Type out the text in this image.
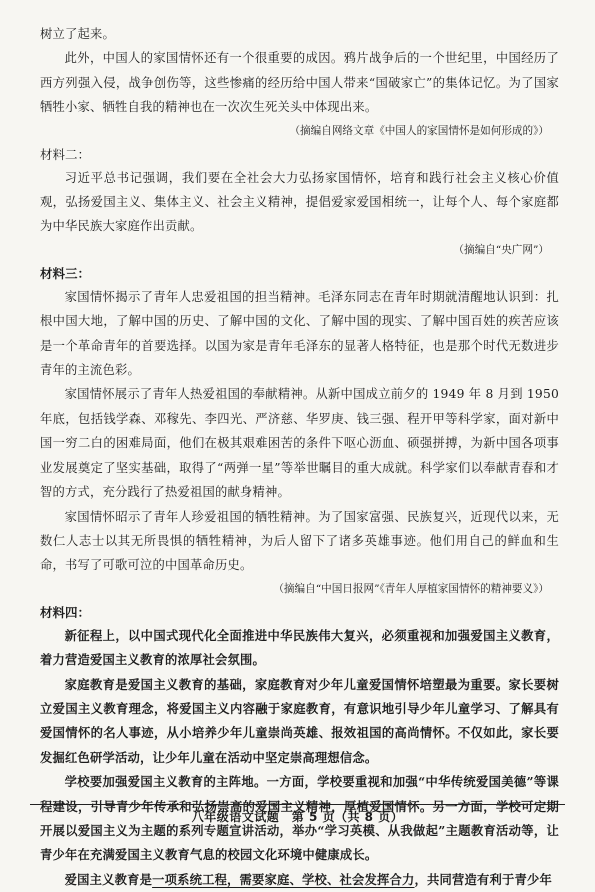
树立了起来。

此外，中国人的家国情怀还有一个很重要的成因。鸦片战争后的一个世纪里，中国经历了西方列强入侵，战争创伤等，这些惨痛的经历给中国人带来“国破家亡”的集体记忆。为了国家牺牲小家、牺牲自我的精神也在一次次生死关头中体现出来。

（摘编自网络文章《中国人的家国情怀是如何形成的》）

材料二：

习近平总书记强调，我们要在全社会大力弘扬家国情怀，培育和践行社会主义核心价值观，弘扬爱国主义、集体主义、社会主义精神，提倡爱家爱国相统一，让每个人、每个家庭都为中华民族大家庭作出贡献。

（摘编自“央广网”）

材料三：

家国情怀揭示了青年人忠爱祖国的担当精神。毛泽东同志在青年时期就清醒地认识到：扎根中国大地，了解中国的历史、了解中国的文化、了解中国的现实、了解中国百姓的疾苦应该是一个革命青年的首要选择。以国为家是青年毛泽东的显著人格特征，也是那个时代无数进步青年的主流色彩。

家国情怀展示了青年人热爱祖国的奉献精神。从新中国成立前夕的 1949 年 8 月到 1950 年底，包括钱学森、邓稼先、李四光、严济慈、华罗庚、钱三强、程开甲等科学家，面对新中国一穷二白的困难局面，他们在极其艰难困苦的条件下呕心沥血、硕强拼搏，为新中国各项事业发展奠定了坚实基础，取得了“两弹一星”等举世瞩目的重大成就。科学家们以奉献青春和才智的方式，充分践行了热爱祖国的献身精神。

家国情怀昭示了青年人珍爱祖国的牺牲精神。为了国家富强、民族复兴，近现代以来，无数仁人志士以其无所畏惧的牺牲精神，为后人留下了诸多英雄事迹。他们用自己的鲜血和生命，书写了可歌可泣的中国革命历史。

（摘编自“中国日报网”《青年人厚植家国情怀的精神要义》）

材料四：

新征程上，以中国式现代化全面推进中华民族伟大复兴，必须重视和加强爱国主义教育，着力营造爱国主义教育的浓厚社会氛围。

家庭教育是爱国主义教育的基础，家庭教育对少年儿童爱国情怀培塑最为重要。家长要树立爱国主义教育理念，将爱国主义内容融于家庭教育，有意识地引导少年儿童学习、了解具有爱国情怀的名人事迹，从小培养少年儿童崇尚英雄、报效祖国的高尚情怀。不仅如此，家长要发掘红色研学活动，让少年儿童在活动中坚定崇高理想信念。

学校要加强爱国主义教育的主阵地。一方面，学校要重视和加强“中华传统爱国美德”等课程建设，引导青少年传承和弘扬崇高的爱国主义精神，厚植爱国情怀。另一方面，学校可定期开展以爱国主义为主题的系列专题宣讲活动，举办“学习英模、从我做起”主题教育活动等，让青少年在充满爱国主义教育气息的校园文化环境中健康成长。

爱国主义教育是一项系统工程，需要家庭、学校、社会发挥合力，共同营造有利于青少年

八年级语文试题　第 5 页（共 8 页）
